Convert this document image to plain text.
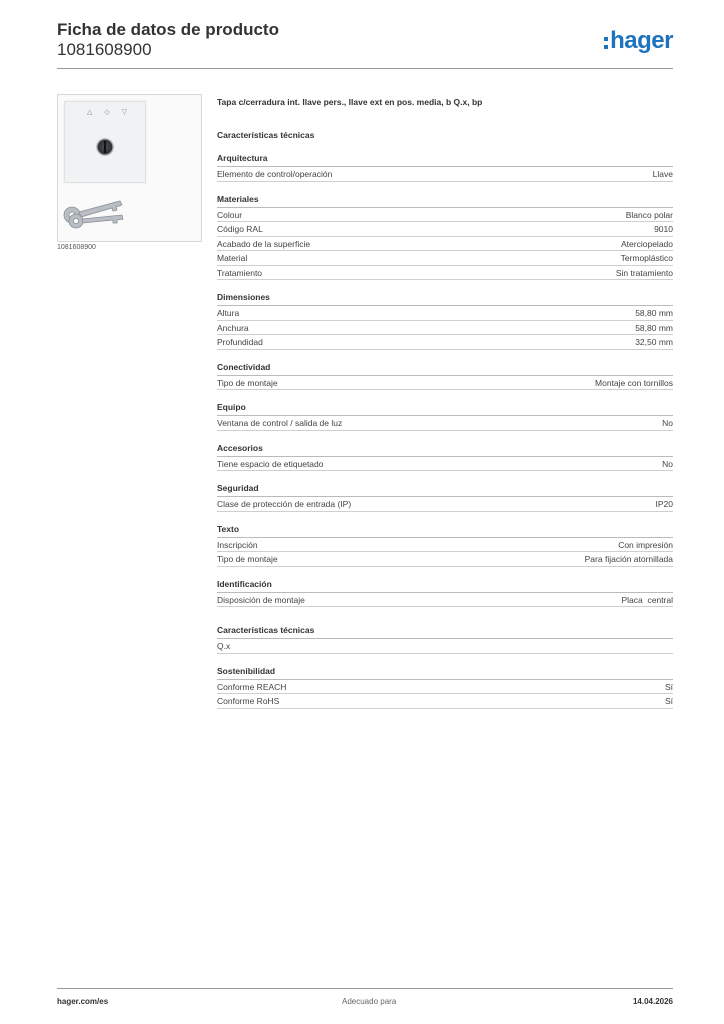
Ficha de datos de producto
1081608900	hager
△ ◇ ▽
1081608900
Tapa c/cerradura int. llave pers., llave ext en pos. media, b Q.x, bp
Características técnicas
Arquitectura
Elemento de control/operación	Llave
Materiales
Colour	Blanco polar
Código RAL	9010
Acabado de la superficie	Aterciopelado
Material	Termoplástico
Tratamiento	Sin tratamiento
Dimensiones
Altura	58,80 mm
Anchura	58,80 mm
Profundidad	32,50 mm
Conectividad
Tipo de montaje	Montaje con tornillos
Equipo
Ventana de control / salida de luz	No
Accesorios
Tiene espacio de etiquetado	No
Seguridad
Clase de protección de entrada (IP)	IP20
Texto
Inscripción	Con impresión
Tipo de montaje	Para fijación atornillada
Identificación
Disposición de montaje	Placa  central
Características técnicas
Q.x
Sostenibilidad
Conforme REACH	Sí
Conforme RoHS	Sí
hager.com/es	Adecuado para	14.04.2026
